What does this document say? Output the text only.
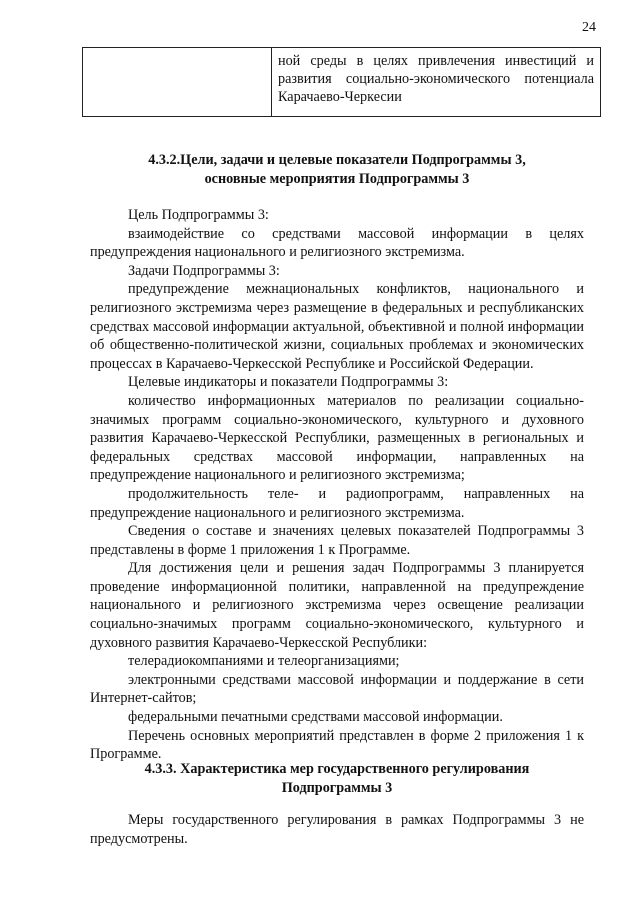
24
	ной среды в целях привлечения инвестиций и развития социально-экономического потенциала Карачаево-Черкесии

4.3.2.Цели, задачи и целевые показатели Подпрограммы 3,

основные мероприятия Подпрограммы 3

Цель Подпрограммы 3:

взаимодействие со средствами массовой информации в целях предупреждения национального и религиозного экстремизма.

Задачи Подпрограммы 3:

предупреждение межнациональных конфликтов, национального и религиозного экстремизма через размещение в федеральных и республиканских средствах массовой информации актуальной, объективной и полной информации об общественно-политической жизни, социальных проблемах и экономических процессах в Карачаево-Черкесской Республике и Российской Федерации.

Целевые индикаторы и показатели Подпрограммы 3:

количество информационных материалов по реализации социально-значимых программ социально-экономического, культурного и духовного развития Карачаево-Черкесской Республики, размещенных в региональных и федеральных средствах массовой информации, направленных на предупреждение национального и религиозного экстремизма;

продолжительность теле- и радиопрограмм, направленных на предупреждение национального и религиозного экстремизма.

Сведения о составе и значениях целевых показателей Подпрограммы 3 представлены в форме 1 приложения 1 к Программе.

Для достижения цели и решения задач Подпрограммы 3 планируется проведение информационной политики, направленной на предупреждение национального и религиозного экстремизма через освещение реализации социально-значимых программ социально-экономического, культурного и духовного развития Карачаево-Черкесской Республики:

телерадиокомпаниями и телеорганизациями;

электронными средствами массовой информации и поддержание в сети Интернет-сайтов;

федеральными печатными средствами массовой информации.

Перечень основных мероприятий представлен в форме 2 приложения 1 к Программе.

4.3.3. Характеристика мер государственного регулирования

Подпрограммы 3

Меры государственного регулирования в рамках Подпрограммы 3 не предусмотрены.
